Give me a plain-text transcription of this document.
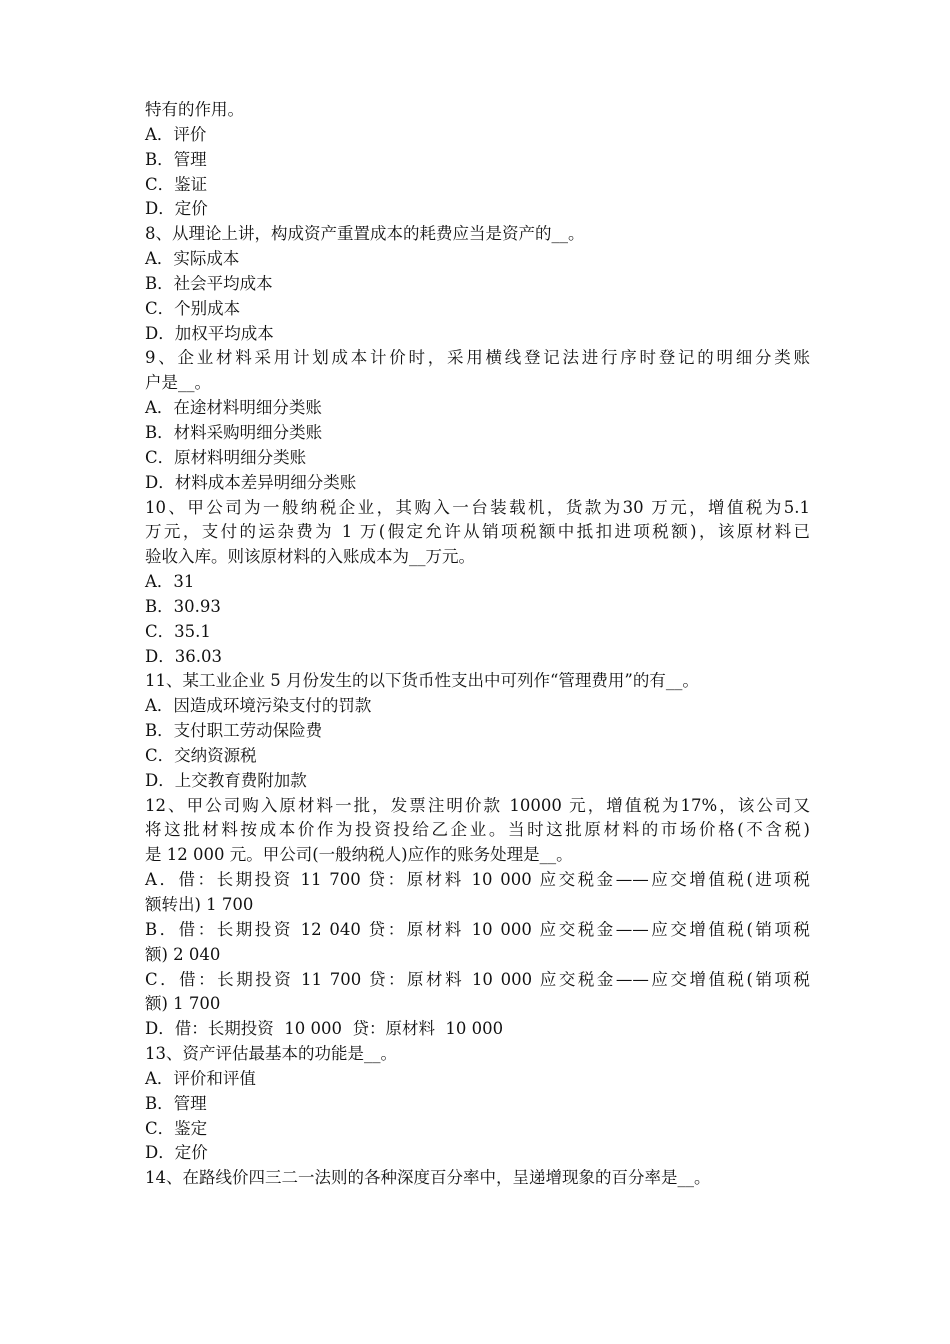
特有的作用。
A．评价
B．管理
C．鉴证
D．定价
8、从理论上讲，构成资产重置成本的耗费应当是资产的__。
A．实际成本
B．社会平均成本
C．个别成本
D．加权平均成本
9、企业材料采用计划成本计价时，采用横线登记法进行序时登记的明细分类账
户是__。
A．在途材料明细分类账
B．材料采购明细分类账
C．原材料明细分类账
D．材料成本差异明细分类账
10、甲公司为一般纳税企业，其购入一台装载机，货款为30 万元，增值税为5.1
万元，支付的运杂费为 1 万(假定允许从销项税额中抵扣进项税额)，该原材料已
验收入库。则该原材料的入账成本为__万元。
A．31
B．30.93
C．35.1
D．36.03
11、某工业企业 5 月份发生的以下货币性支出中可列作“管理费用”的有__。
A．因造成环境污染支付的罚款
B．支付职工劳动保险费
C．交纳资源税
D．上交教育费附加款
12、甲公司购入原材料一批，发票注明价款 10000 元，增值税为17%，该公司又
将这批材料按成本价作为投资投给乙企业。当时这批原材料的市场价格(不含税)
是 12 000 元。甲公司(一般纳税人)应作的账务处理是__。
A．借：长期投资 11 700 贷：原材料 10 000 应交税金——应交增值税(进项税
额转出) 1 700
B．借：长期投资 12 040 贷：原材料 10 000 应交税金——应交增值税(销项税
额) 2 040
C．借：长期投资 11 700 贷：原材料 10 000 应交税金——应交增值税(销项税
额) 1 700
D．借：长期投资  10 000  贷：原材料  10 000
13、资产评估最基本的功能是__。
A．评价和评值
B．管理
C．鉴定
D．定价
14、在路线价四三二一法则的各种深度百分率中，呈递增现象的百分率是__。
